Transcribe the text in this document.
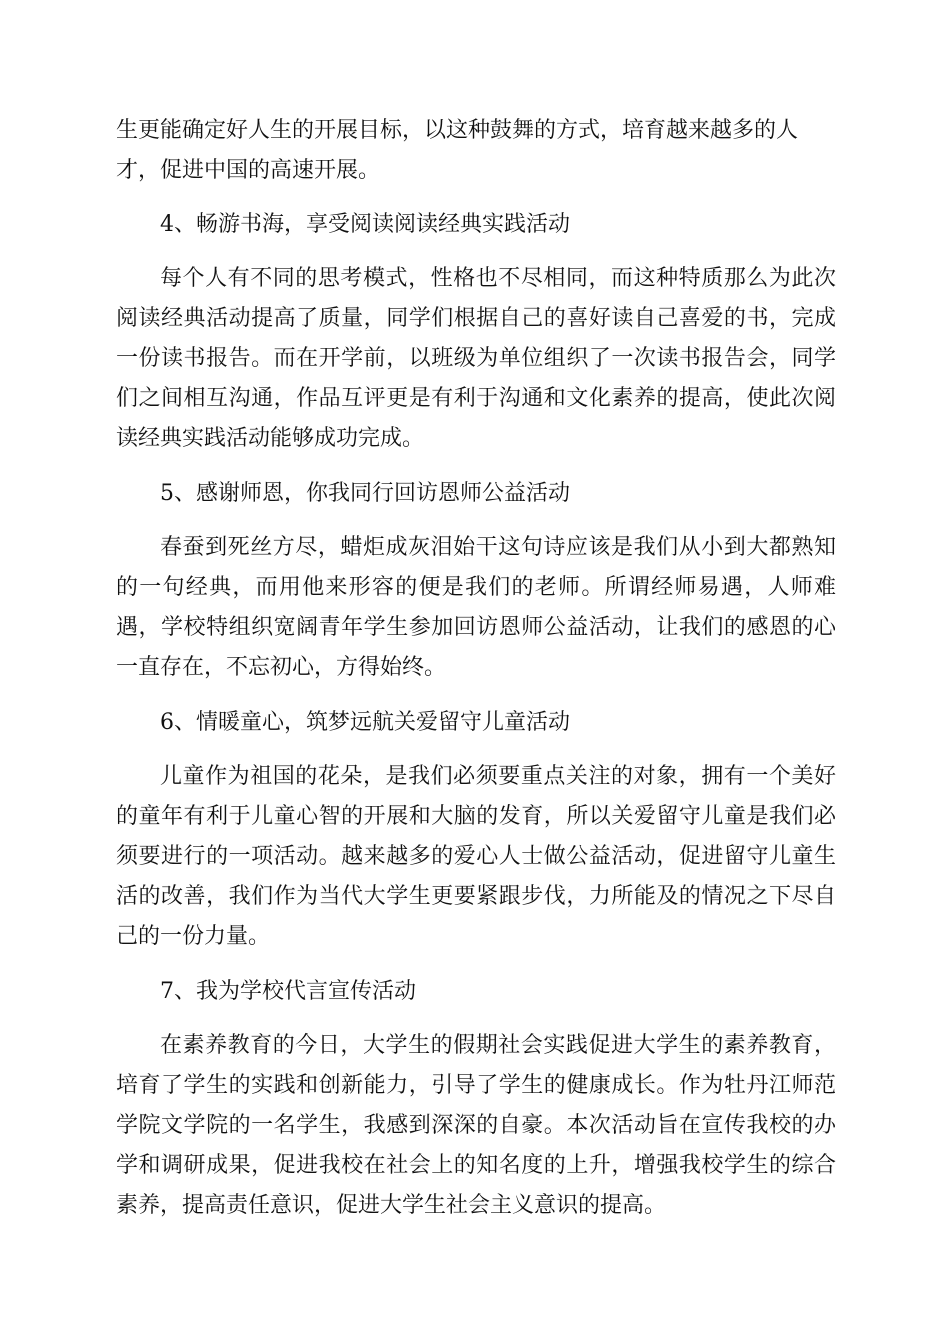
生更能确定好人生的开展目标，以这种鼓舞的方式，培育越来越多的人才，促进中国的高速开展。

4、畅游书海，享受阅读阅读经典实践活动

每个人有不同的思考模式，性格也不尽相同，而这种特质那么为此次阅读经典活动提高了质量，同学们根据自己的喜好读自己喜爱的书，完成一份读书报告。而在开学前，以班级为单位组织了一次读书报告会，同学们之间相互沟通，作品互评更是有利于沟通和文化素养的提高，使此次阅读经典实践活动能够成功完成。

5、感谢师恩，你我同行回访恩师公益活动

春蚕到死丝方尽，蜡炬成灰泪始干这句诗应该是我们从小到大都熟知的一句经典，而用他来形容的便是我们的老师。所谓经师易遇，人师难遇，学校特组织宽阔青年学生参加回访恩师公益活动，让我们的感恩的心一直存在，不忘初心，方得始终。

6、情暖童心，筑梦远航关爱留守儿童活动

儿童作为祖国的花朵，是我们必须要重点关注的对象，拥有一个美好的童年有利于儿童心智的开展和大脑的发育，所以关爱留守儿童是我们必须要进行的一项活动。越来越多的爱心人士做公益活动，促进留守儿童生活的改善，我们作为当代大学生更要紧跟步伐，力所能及的情况之下尽自己的一份力量。

7、我为学校代言宣传活动

在素养教育的今日，大学生的假期社会实践促进大学生的素养教育，培育了学生的实践和创新能力，引导了学生的健康成长。作为牡丹江师范学院文学院的一名学生，我感到深深的自豪。本次活动旨在宣传我校的办学和调研成果，促进我校在社会上的知名度的上升，增强我校学生的综合素养，提高责任意识，促进大学生社会主义意识的提高。
